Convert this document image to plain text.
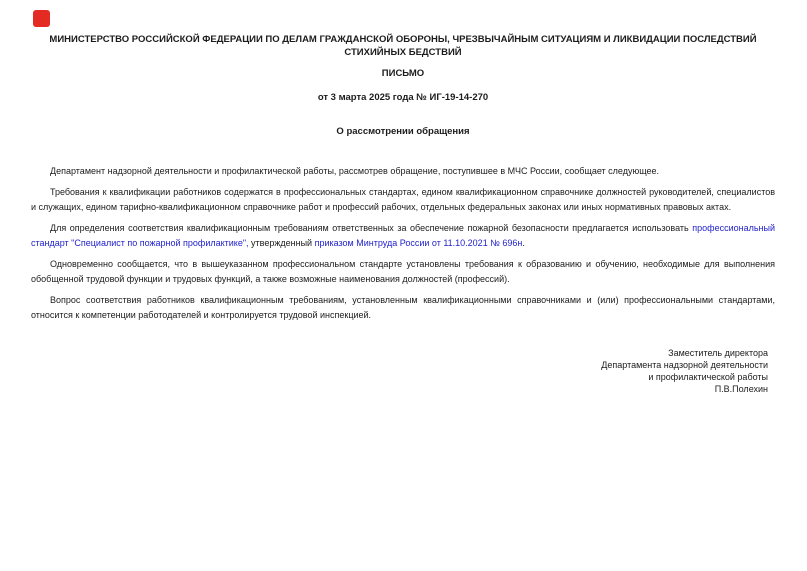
МИНИСТЕРСТВО РОССИЙСКОЙ ФЕДЕРАЦИИ ПО ДЕЛАМ ГРАЖДАНСКОЙ ОБОРОНЫ, ЧРЕЗВЫЧАЙНЫМ СИТУАЦИЯМ И ЛИКВИДАЦИИ ПОСЛЕДСТВИЙ СТИХИЙНЫХ БЕДСТВИЙ
ПИСЬМО
от 3 марта 2025 года № ИГ-19-14-270
О рассмотрении обращения

Департамент надзорной деятельности и профилактической работы, рассмотрев обращение, поступившее в МЧС России, сообщает следующее.

Требования к квалификации работников содержатся в профессиональных стандартах, едином квалификационном справочнике должностей руководителей, специалистов и служащих, едином тарифно-квалификационном справочнике работ и профессий рабочих, отдельных федеральных законах или иных нормативных правовых актах.

Для определения соответствия квалификационным требованиям ответственных за обеспечение пожарной безопасности предлагается использовать профессиональный стандарт "Специалист по пожарной профилактике", утвержденный приказом Минтруда России от 11.10.2021 № 696н.

Одновременно сообщается, что в вышеуказанном профессиональном стандарте установлены требования к образованию и обучению, необходимые для выполнения обобщенной трудовой функции и трудовых функций, а также возможные наименования должностей (профессий).

Вопрос соответствия работников квалификационным требованиям, установленным квалификационными справочниками и (или) профессиональными стандартами, относится к компетенции работодателей и контролируется трудовой инспекцией.

Заместитель директора
Департамента надзорной деятельности
и профилактической работы
П.В.Полехин
